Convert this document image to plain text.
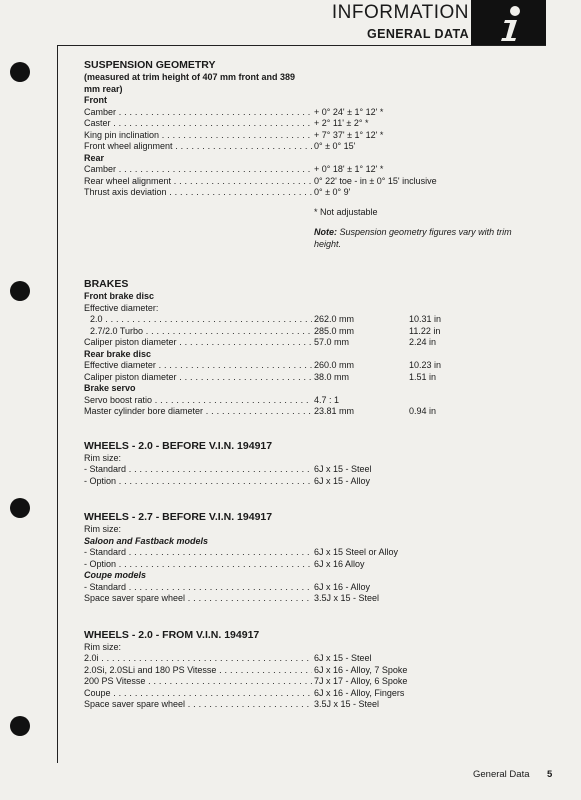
INFORMATION
GENERAL DATA
SUSPENSION GEOMETRY
(measured at trim height of 407 mm front and 389 mm rear)
Front
Camber . . .	+ 0° 24' ± 1° 12' *
Caster . . .	+ 2° 11' ± 2° *
King pin inclination . . .	+ 7° 37' ± 1° 12' *
Front wheel alignment . . .	0° ± 0° 15'
Rear
Camber . . .	+ 0° 18' ± 1° 12' *
Rear wheel alignment . . .	0° 22' toe - in ± 0° 15' inclusive
Thrust axis deviation . . .	0° ± 0° 9'
* Not adjustable
Note: Suspension geometry figures vary with trim height.
BRAKES
Front brake disc
Effective diameter:
2.0 . . .	262.0 mm	10.31 in
2.7/2.0 Turbo . . .	285.0 mm	11.22 in
Caliper piston diameter . . .	57.0 mm	2.24 in
Rear brake disc
Effective diameter . . .	260.0 mm	10.23 in
Caliper piston diameter . . .	38.0 mm	1.51 in
Brake servo
Servo boost ratio . . .	4.7 : 1
Master cylinder bore diameter . . .	23.81 mm	0.94 in
WHEELS - 2.0 - BEFORE V.I.N. 194917
Rim size:
- Standard . . .	6J x 15 - Steel
- Option . . .	6J x 15 - Alloy
WHEELS - 2.7 - BEFORE V.I.N. 194917
Rim size:
Saloon and Fastback models
- Standard . . .	6J x 15 Steel or Alloy
- Option . . .	6J x 16 Alloy
Coupe models
- Standard . . .	6J x 16 - Alloy
Space saver spare wheel . . .	3.5J x 15 - Steel
WHEELS - 2.0 - FROM V.I.N. 194917
Rim size:
2.0i . . .	6J x 15 - Steel
2.0Si, 2.0SLi and 180 PS Vitesse . . .	6J x 16 - Alloy, 7 Spoke
200 PS Vitesse . . .	7J x 17 - Alloy, 6 Spoke
Coupe . . .	6J x 16 - Alloy, Fingers
Space saver spare wheel . . .	3.5J x 15 - Steel
General Data 5
